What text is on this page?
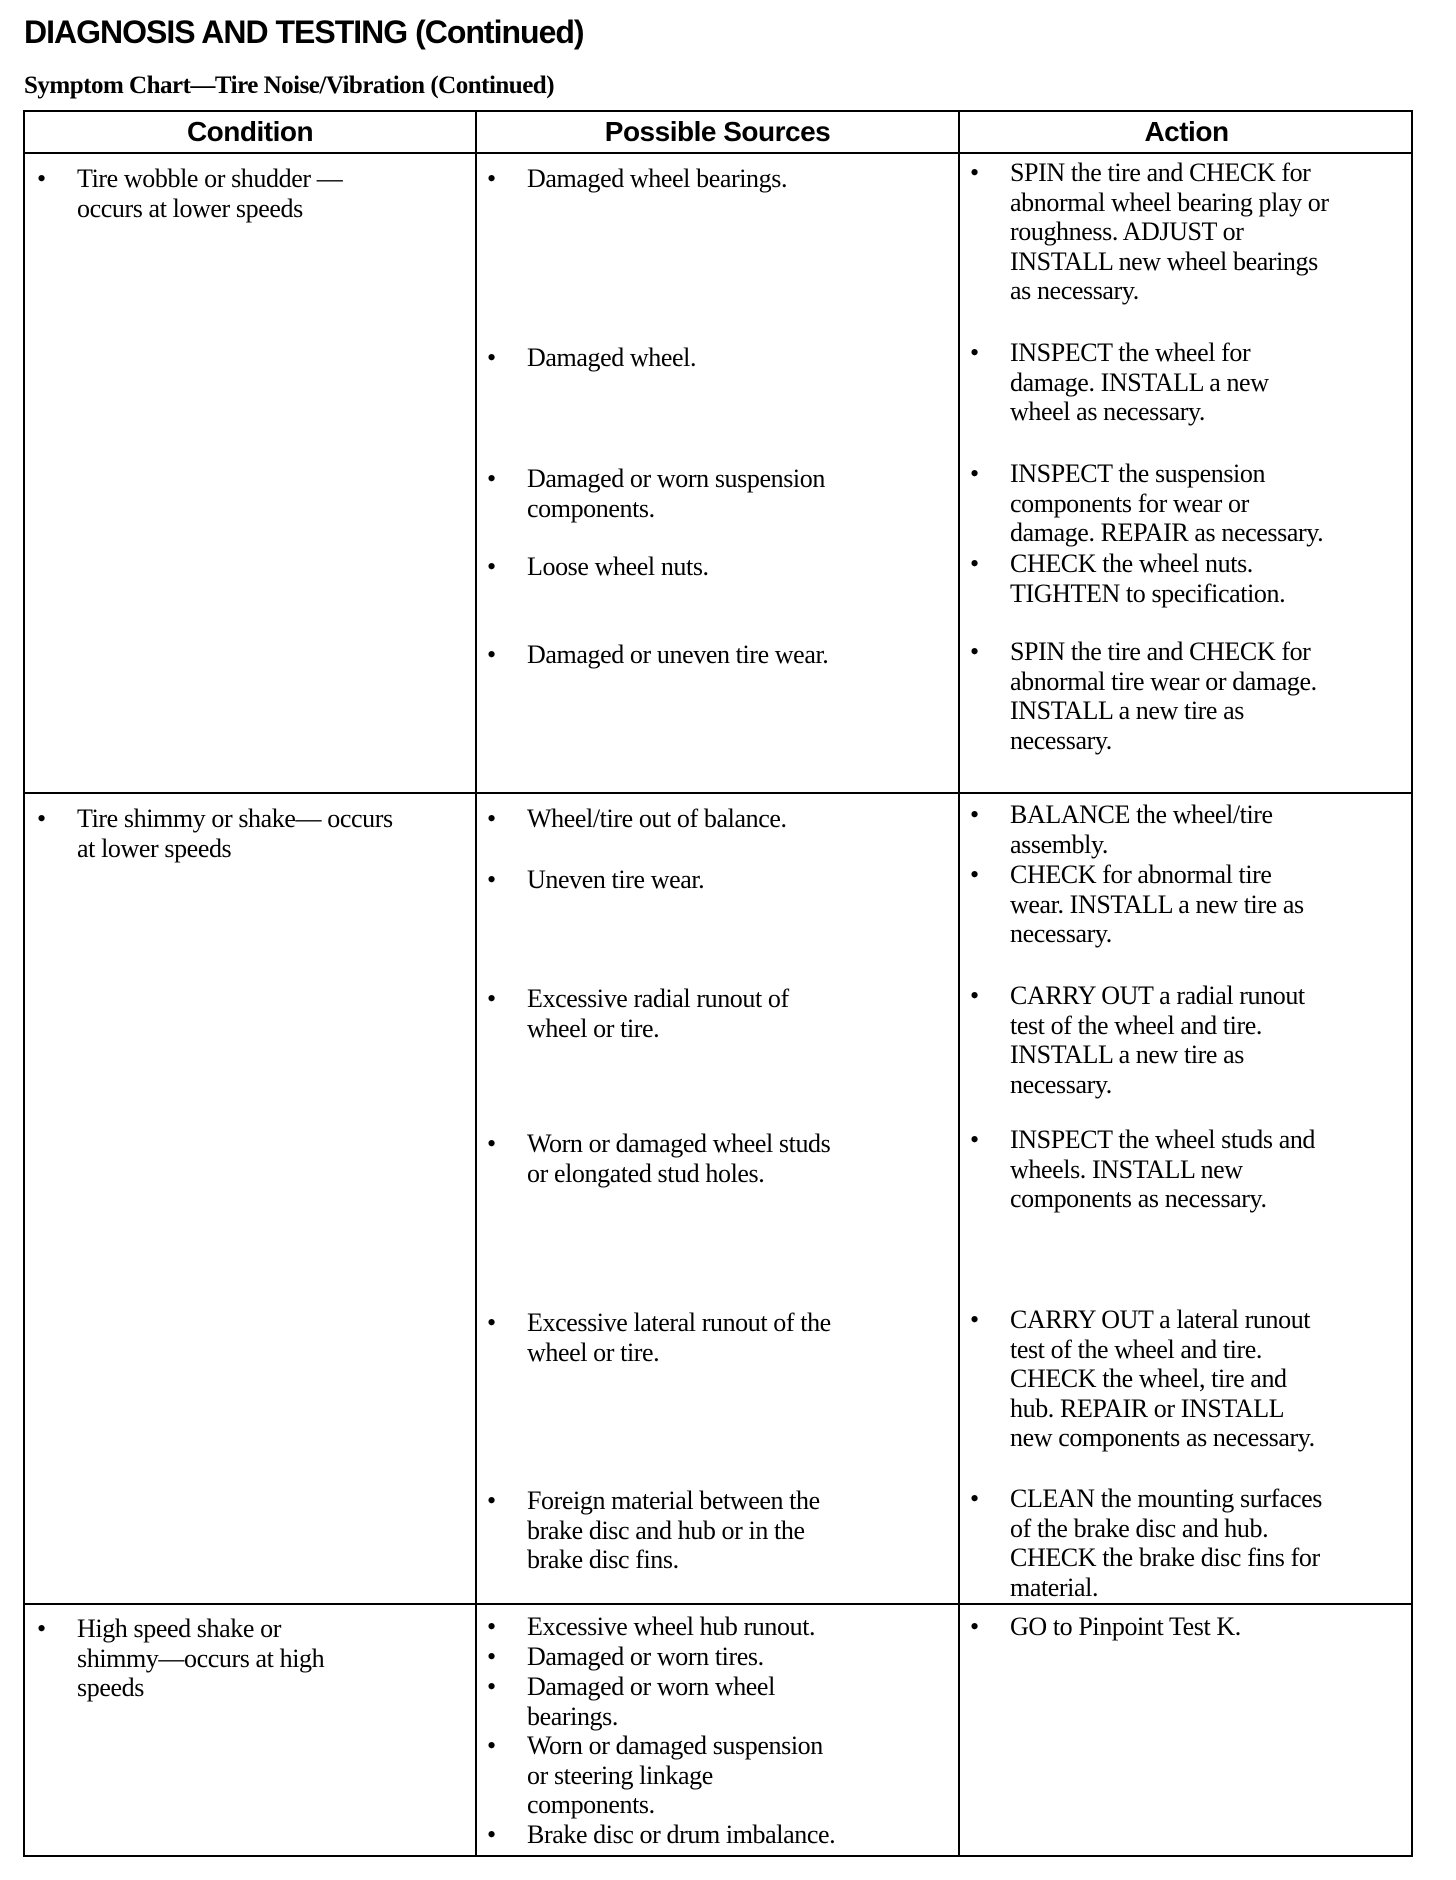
DIAGNOSIS AND TESTING (Continued)
Symptom Chart—Tire Noise/Vibration (Continued)
Condition	Possible Sources	Action
• Tire wobble or shudder —
occurs at lower speeds
• Damaged wheel bearings.
• Damaged wheel.
• Damaged or worn suspension
components.
• Loose wheel nuts.
• Damaged or uneven tire wear.
• SPIN the tire and CHECK for
abnormal wheel bearing play or
roughness. ADJUST or
INSTALL new wheel bearings
as necessary.
• INSPECT the wheel for
damage. INSTALL a new
wheel as necessary.
• INSPECT the suspension
components for wear or
damage. REPAIR as necessary.
• CHECK the wheel nuts.
TIGHTEN to specification.
• SPIN the tire and CHECK for
abnormal tire wear or damage.
INSTALL a new tire as
necessary.
• Tire shimmy or shake— occurs
at lower speeds
• Wheel/tire out of balance.
• Uneven tire wear.
• Excessive radial runout of
wheel or tire.
• Worn or damaged wheel studs
or elongated stud holes.
• Excessive lateral runout of the
wheel or tire.
• Foreign material between the
brake disc and hub or in the
brake disc fins.
• BALANCE the wheel/tire
assembly.
• CHECK for abnormal tire
wear. INSTALL a new tire as
necessary.
• CARRY OUT a radial runout
test of the wheel and tire.
INSTALL a new tire as
necessary.
• INSPECT the wheel studs and
wheels. INSTALL new
components as necessary.
• CARRY OUT a lateral runout
test of the wheel and tire.
CHECK the wheel, tire and
hub. REPAIR or INSTALL
new components as necessary.
• CLEAN the mounting surfaces
of the brake disc and hub.
CHECK the brake disc fins for
material.
• High speed shake or
shimmy—occurs at high
speeds
• Excessive wheel hub runout.
• Damaged or worn tires.
• Damaged or worn wheel
bearings.
• Worn or damaged suspension
or steering linkage
components.
• Brake disc or drum imbalance.
• GO to Pinpoint Test K.
